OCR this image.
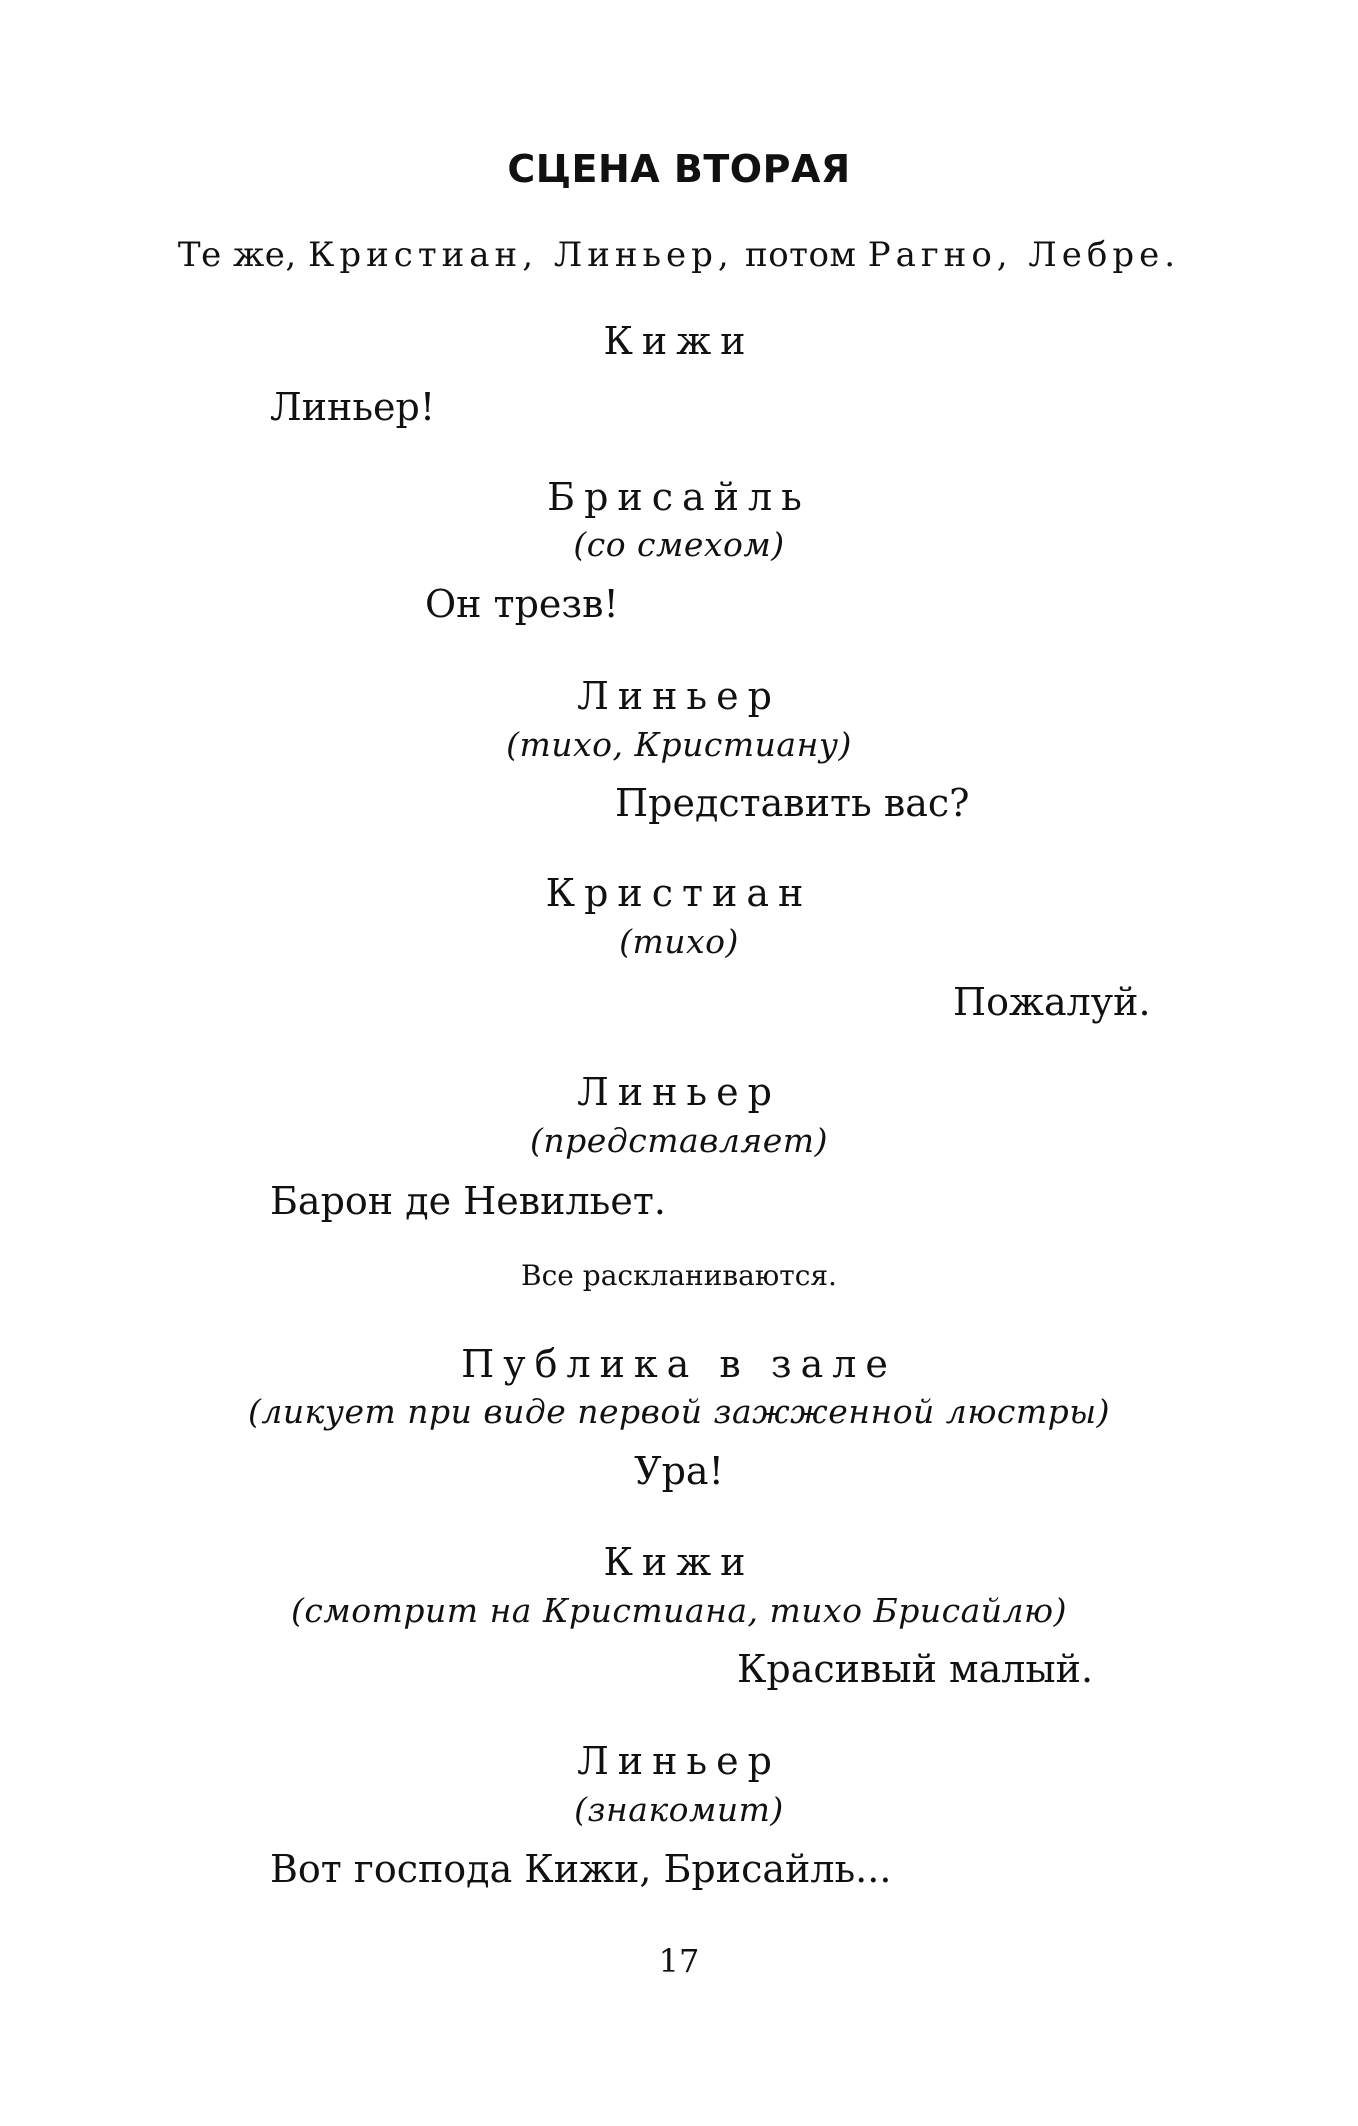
СЦЕНА ВТОРАЯ
Те же, Кристиан, Линьер, потом Рагно, Лебре.
Кижи
Линьер!
Брисайль
(со смехом)
Он трезв!
Линьер
(тихо, Кристиану)
Представить вас?
Кристиан
(тихо)
Пожалуй.
Линьер
(представляет)
Барон де Невильет.
Все раскланиваются.
Публика в зале
(ликует при виде первой зажженной люстры)
Ура!
Кижи
(смотрит на Кристиана, тихо Брисайлю)
Красивый малый.
Линьер
(знакомит)
Вот господа Кижи, Брисайль...
17
